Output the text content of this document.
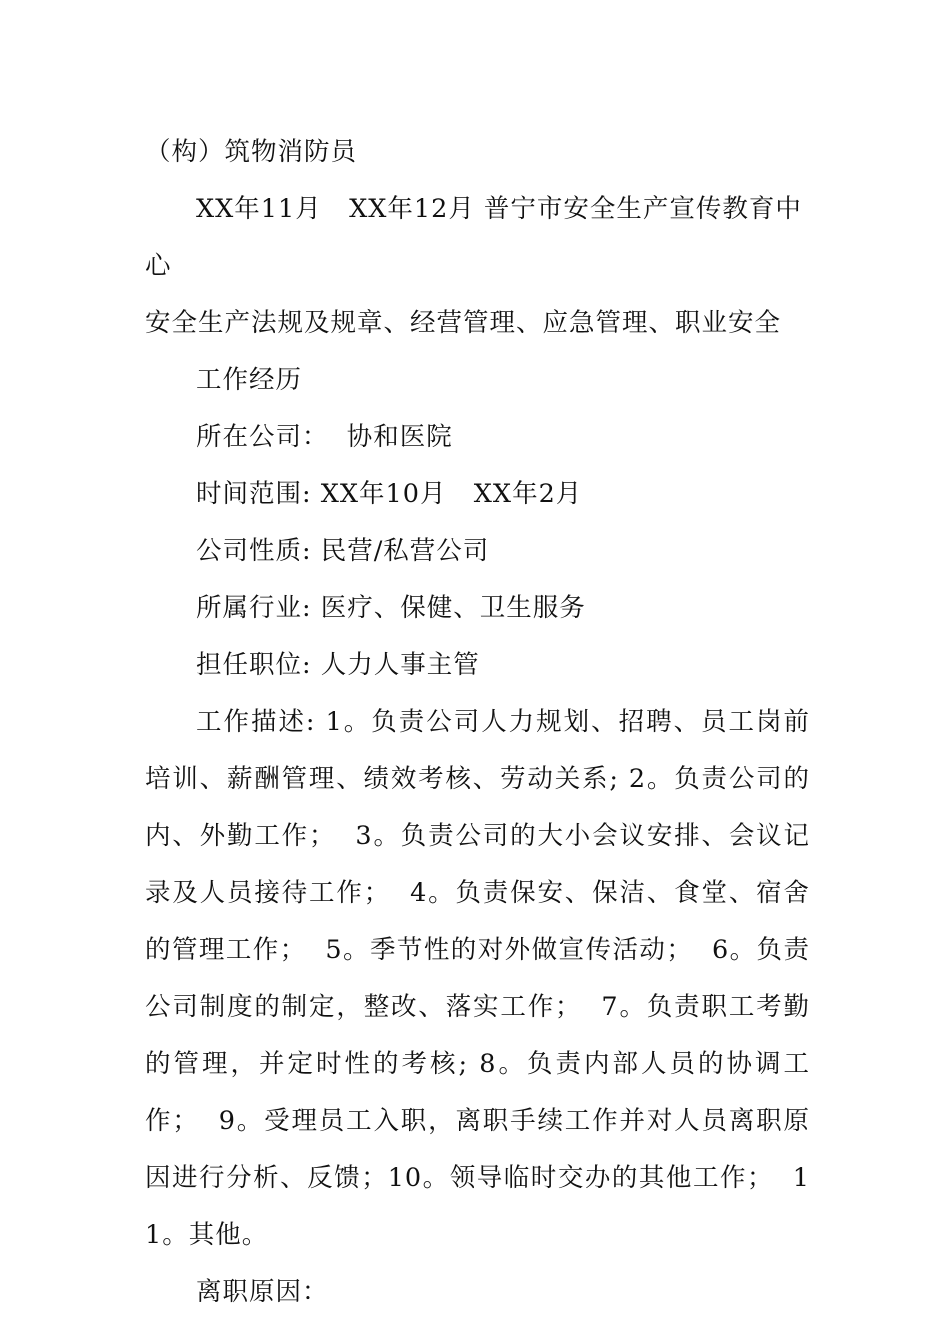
（构）筑物消防员

XX年11月   XX年12月 普宁市安全生产宣传教育中心

安全生产法规及规章、经营管理、应急管理、职业安全

工作经历

所在公司：  协和医院

时间范围: XX年10月   XX年2月

公司性质: 民营/私营公司

所属行业: 医疗、保健、卫生服务

担任职位: 人力人事主管

工作描述: 1。负责公司人力规划、招聘、员工岗前培训、薪酬管理、绩效考核、劳动关系; 2。负责公司的内、外勤工作；  3。负责公司的大小会议安排、会议记录及人员接待工作；  4。负责保安、保洁、食堂、宿舍的管理工作；  5。季节性的对外做宣传活动；  6。负责公司制度的制定，整改、落实工作；  7。负责职工考勤的管理，并定时性的考核; 8。负责内部人员的协调工作；  9。受理员工入职，离职手续工作并对人员离职原因进行分析、反馈；10。领导临时交办的其他工作；  11。其他。

离职原因：
